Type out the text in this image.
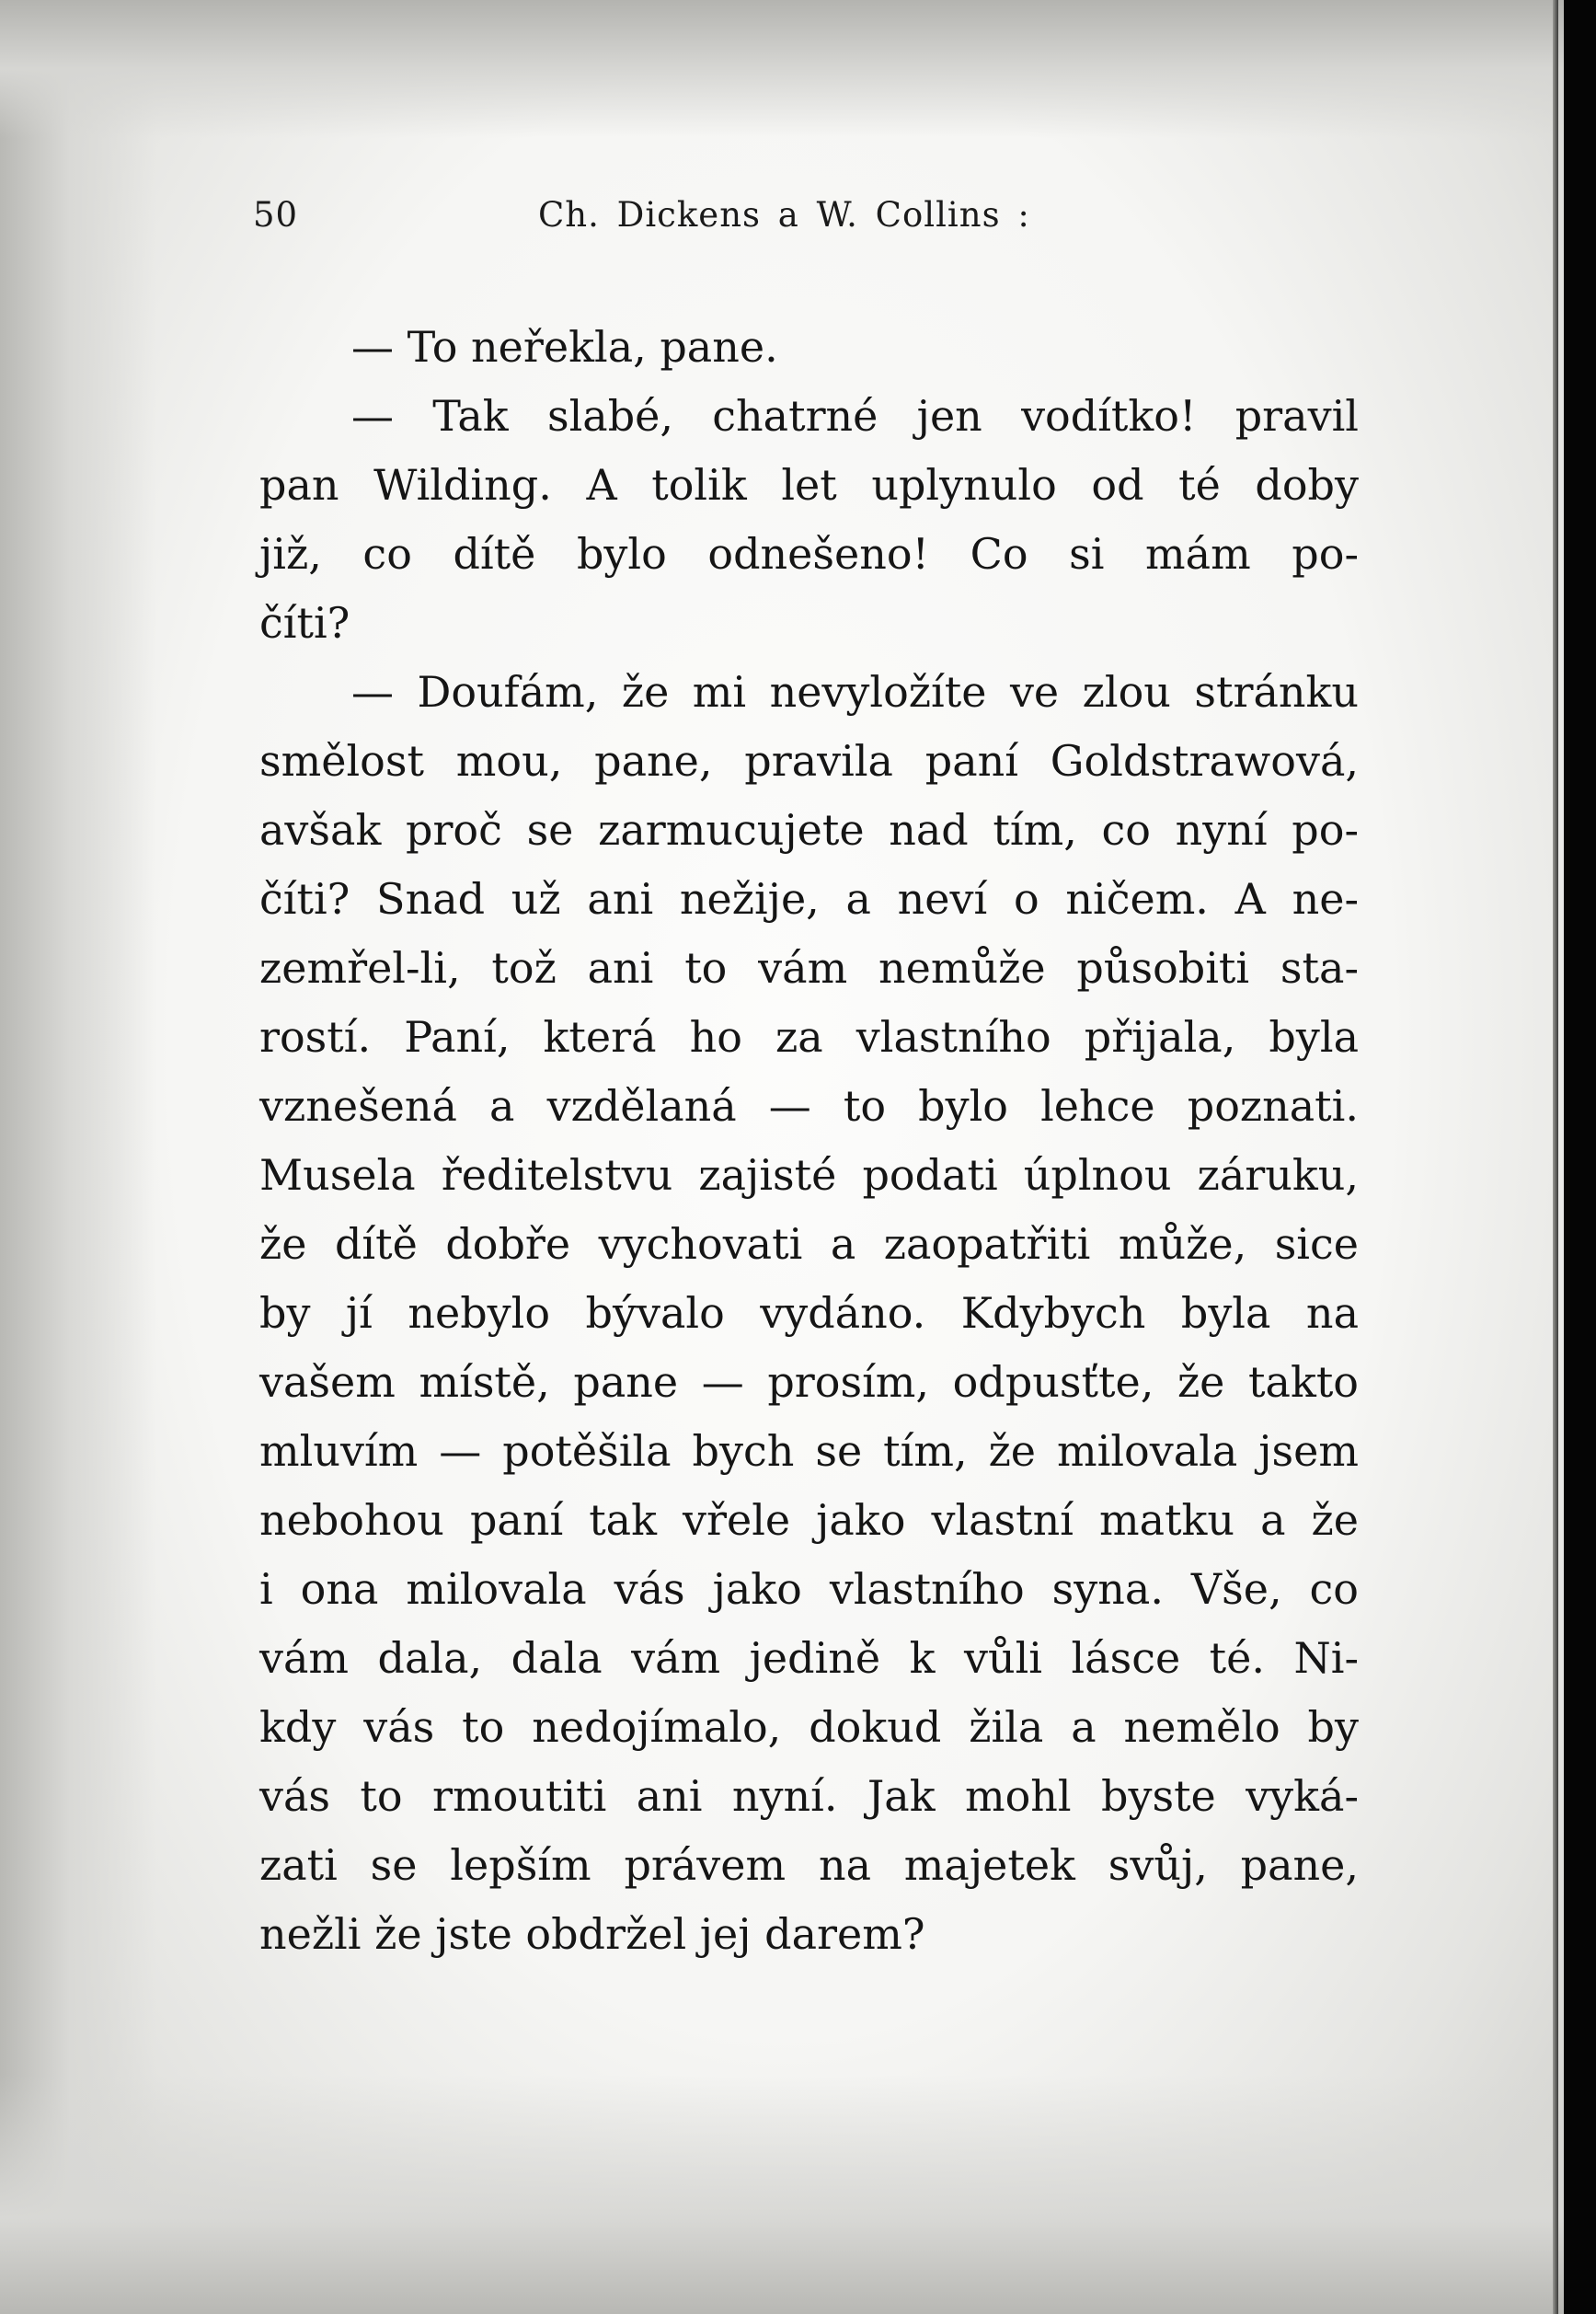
50	Ch. Dickens a W. Collins :
— To neřekla, pane.
— Tak slabé, chatrné jen vodítko! pravil
pan Wilding. A tolik let uplynulo od té doby
již, co dítě bylo odnešeno! Co si mám po-
číti?
— Doufám, že mi nevyložíte ve zlou stránku
smělost mou, pane, pravila paní Goldstrawová,
avšak proč se zarmucujete nad tím, co nyní po-
číti? Snad už ani nežije, a neví o ničem. A ne-
zemřel-li, tož ani to vám nemůže působiti sta-
rostí. Paní, která ho za vlastního přijala, byla
vznešená a vzdělaná — to bylo lehce poznati.
Musela ředitelstvu zajisté podati úplnou záruku,
že dítě dobře vychovati a zaopatřiti může, sice
by jí nebylo bývalo vydáno. Kdybych byla na
vašem místě, pane — prosím, odpusťte, že takto
mluvím — potěšila bych se tím, že milovala jsem
nebohou paní tak vřele jako vlastní matku a že
i ona milovala vás jako vlastního syna. Vše, co
vám dala, dala vám jedině k vůli lásce té. Ni-
kdy vás to nedojímalo, dokud žila a nemělo by
vás to rmoutiti ani nyní. Jak mohl byste vyká-
zati se lepším právem na majetek svůj, pane,
nežli že jste obdržel jej darem?
